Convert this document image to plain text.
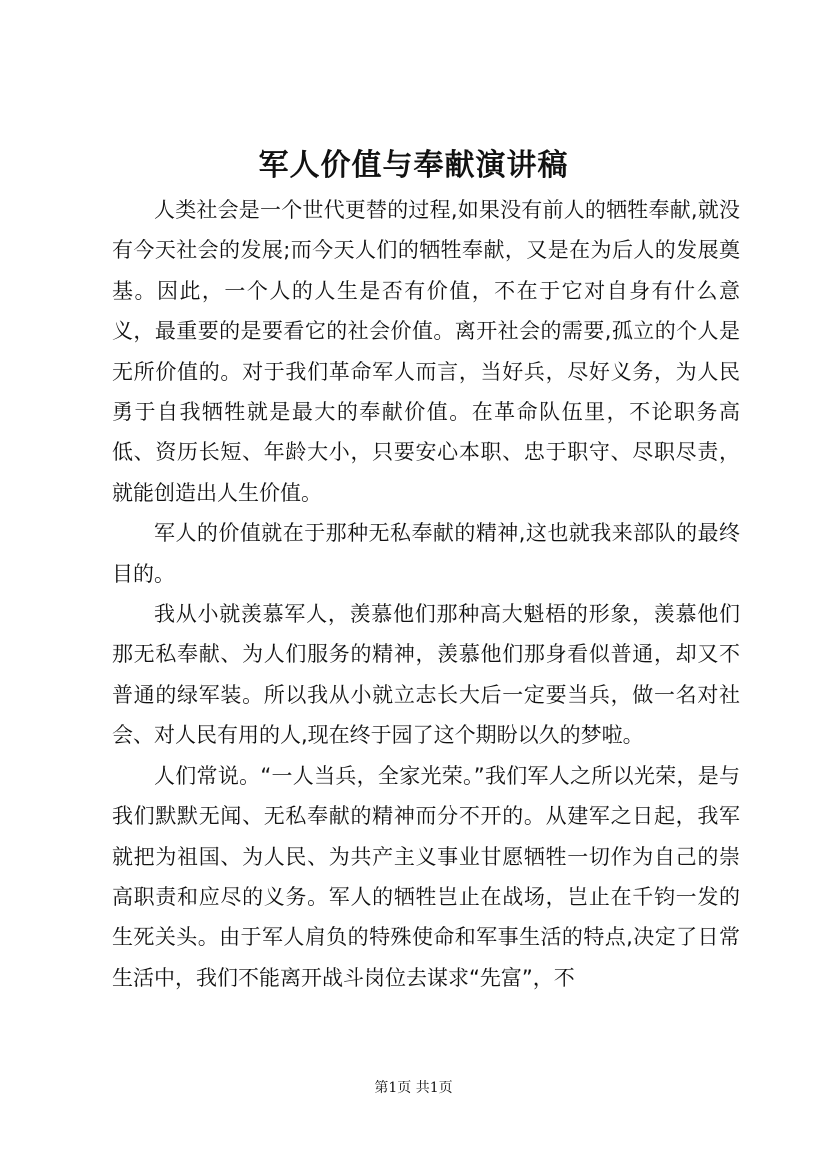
军人价值与奉献演讲稿

人类社会是一个世代更替的过程,如果没有前人的牺牲奉献,就没有今天社会的发展;而今天人们的牺牲奉献，又是在为后人的发展奠基。因此，一个人的人生是否有价值，不在于它对自身有什么意义，最重要的是要看它的社会价值。离开社会的需要,孤立的个人是无所价值的。对于我们革命军人而言，当好兵，尽好义务，为人民勇于自我牺牲就是最大的奉献价值。在革命队伍里，不论职务高低、资历长短、年龄大小，只要安心本职、忠于职守、尽职尽责，就能创造出人生价值。

军人的价值就在于那种无私奉献的精神,这也就我来部队的最终目的。

我从小就羡慕军人，羡慕他们那种高大魁梧的形象，羡慕他们那无私奉献、为人们服务的精神，羡慕他们那身看似普通，却又不普通的绿军装。所以我从小就立志长大后一定要当兵，做一名对社会、对人民有用的人,现在终于园了这个期盼以久的梦啦。

人们常说。“一人当兵，全家光荣。”我们军人之所以光荣，是与我们默默无闻、无私奉献的精神而分不开的。从建军之日起，我军就把为祖国、为人民、为共产主义事业甘愿牺牲一切作为自己的崇高职责和应尽的义务。军人的牺牲岂止在战场，岂止在千钧一发的生死关头。由于军人肩负的特殊使命和军事生活的特点,决定了日常生活中，我们不能离开战斗岗位去谋求“先富”，不

第1页 共1页
